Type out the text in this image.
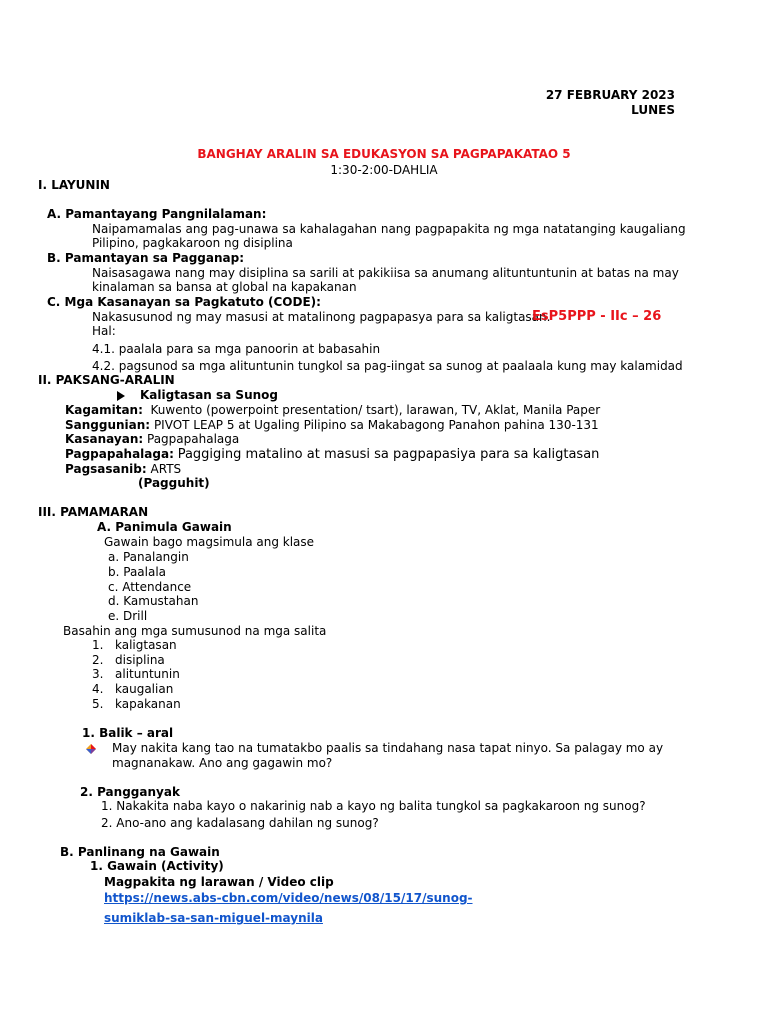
27 FEBRUARY 2023
LUNES
BANGHAY ARALIN SA EDUKASYON SA PAGPAPAKATAO 5
1:30-2:00-DAHLIA
I. LAYUNIN
A. Pamantayang Pangnilalaman:
Naipamamalas ang pag-unawa sa kahalagahan nang pagpapakita ng mga natatanging kaugaliang
Pilipino, pagkakaroon ng disiplina
B. Pamantayan sa Pagganap:
Naisasagawa nang may disiplina sa sarili at pakikiisa sa anumang alituntuntunin at batas na may
kinalaman sa bansa at global na kapakanan
C. Mga Kasanayan sa Pagkatuto (CODE):
Nakasusunod ng may masusi at matalinong pagpapasya para sa kaligtasan.
EsP5PPP - IIc – 26
Hal:
4.1. paalala para sa mga panoorin at babasahin
4.2. pagsunod sa mga alituntunin tungkol sa pag-iingat sa sunog at paalaala kung may kalamidad
II. PAKSANG-ARALIN
Kaligtasan sa Sunog
Kagamitan: Kuwento (powerpoint presentation/ tsart), larawan, TV, Aklat, Manila Paper
Sanggunian: PIVOT LEAP 5 at Ugaling Pilipino sa Makabagong Panahon pahina 130-131
Kasanayan: Pagpapahalaga
Pagpapahalaga: Paggiging matalino at masusi sa pagpapasiya para sa kaligtasan
Pagsasanib: ARTS
(Pagguhit)
III. PAMAMARAN
A. Panimula Gawain
Gawain bago magsimula ang klase
a. Panalangin
b. Paalala
c. Attendance
d. Kamustahan
e. Drill
Basahin ang mga sumusunod na mga salita
1. kaligtasan
2. disiplina
3. alituntunin
4. kaugalian
5. kapakanan
1. Balik – aral
May nakita kang tao na tumatakbo paalis sa tindahang nasa tapat ninyo. Sa palagay mo ay
magnanakaw. Ano ang gagawin mo?
2. Pangganyak
1. Nakakita naba kayo o nakarinig nab a kayo ng balita tungkol sa pagkakaroon ng sunog?
2. Ano-ano ang kadalasang dahilan ng sunog?
B. Panlinang na Gawain
1. Gawain (Activity)
Magpakita ng larawan / Video clip
https://news.abs-cbn.com/video/news/08/15/17/sunog-
sumiklab-sa-san-miguel-maynila
